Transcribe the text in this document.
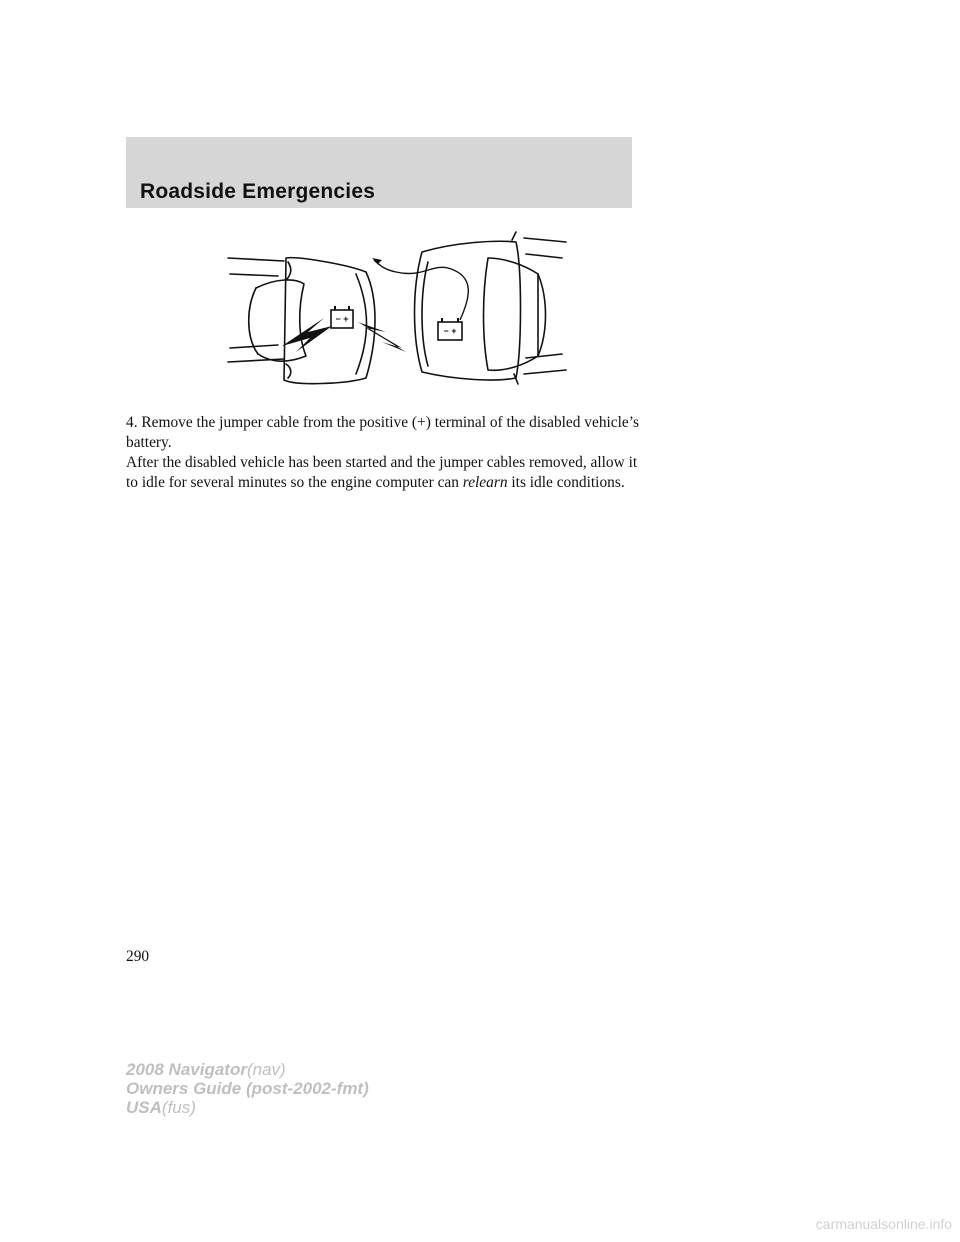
Roadside Emergencies
− +
− +
4. Remove the jumper cable from the positive (+) terminal of the disabled vehicle’s battery.
After the disabled vehicle has been started and the jumper cables removed, allow it to idle for several minutes so the engine computer can relearn its idle conditions.
290
2008 Navigator(nav)
Owners Guide (post-2002-fmt)
USA(fus)
carmanualsonline.info
